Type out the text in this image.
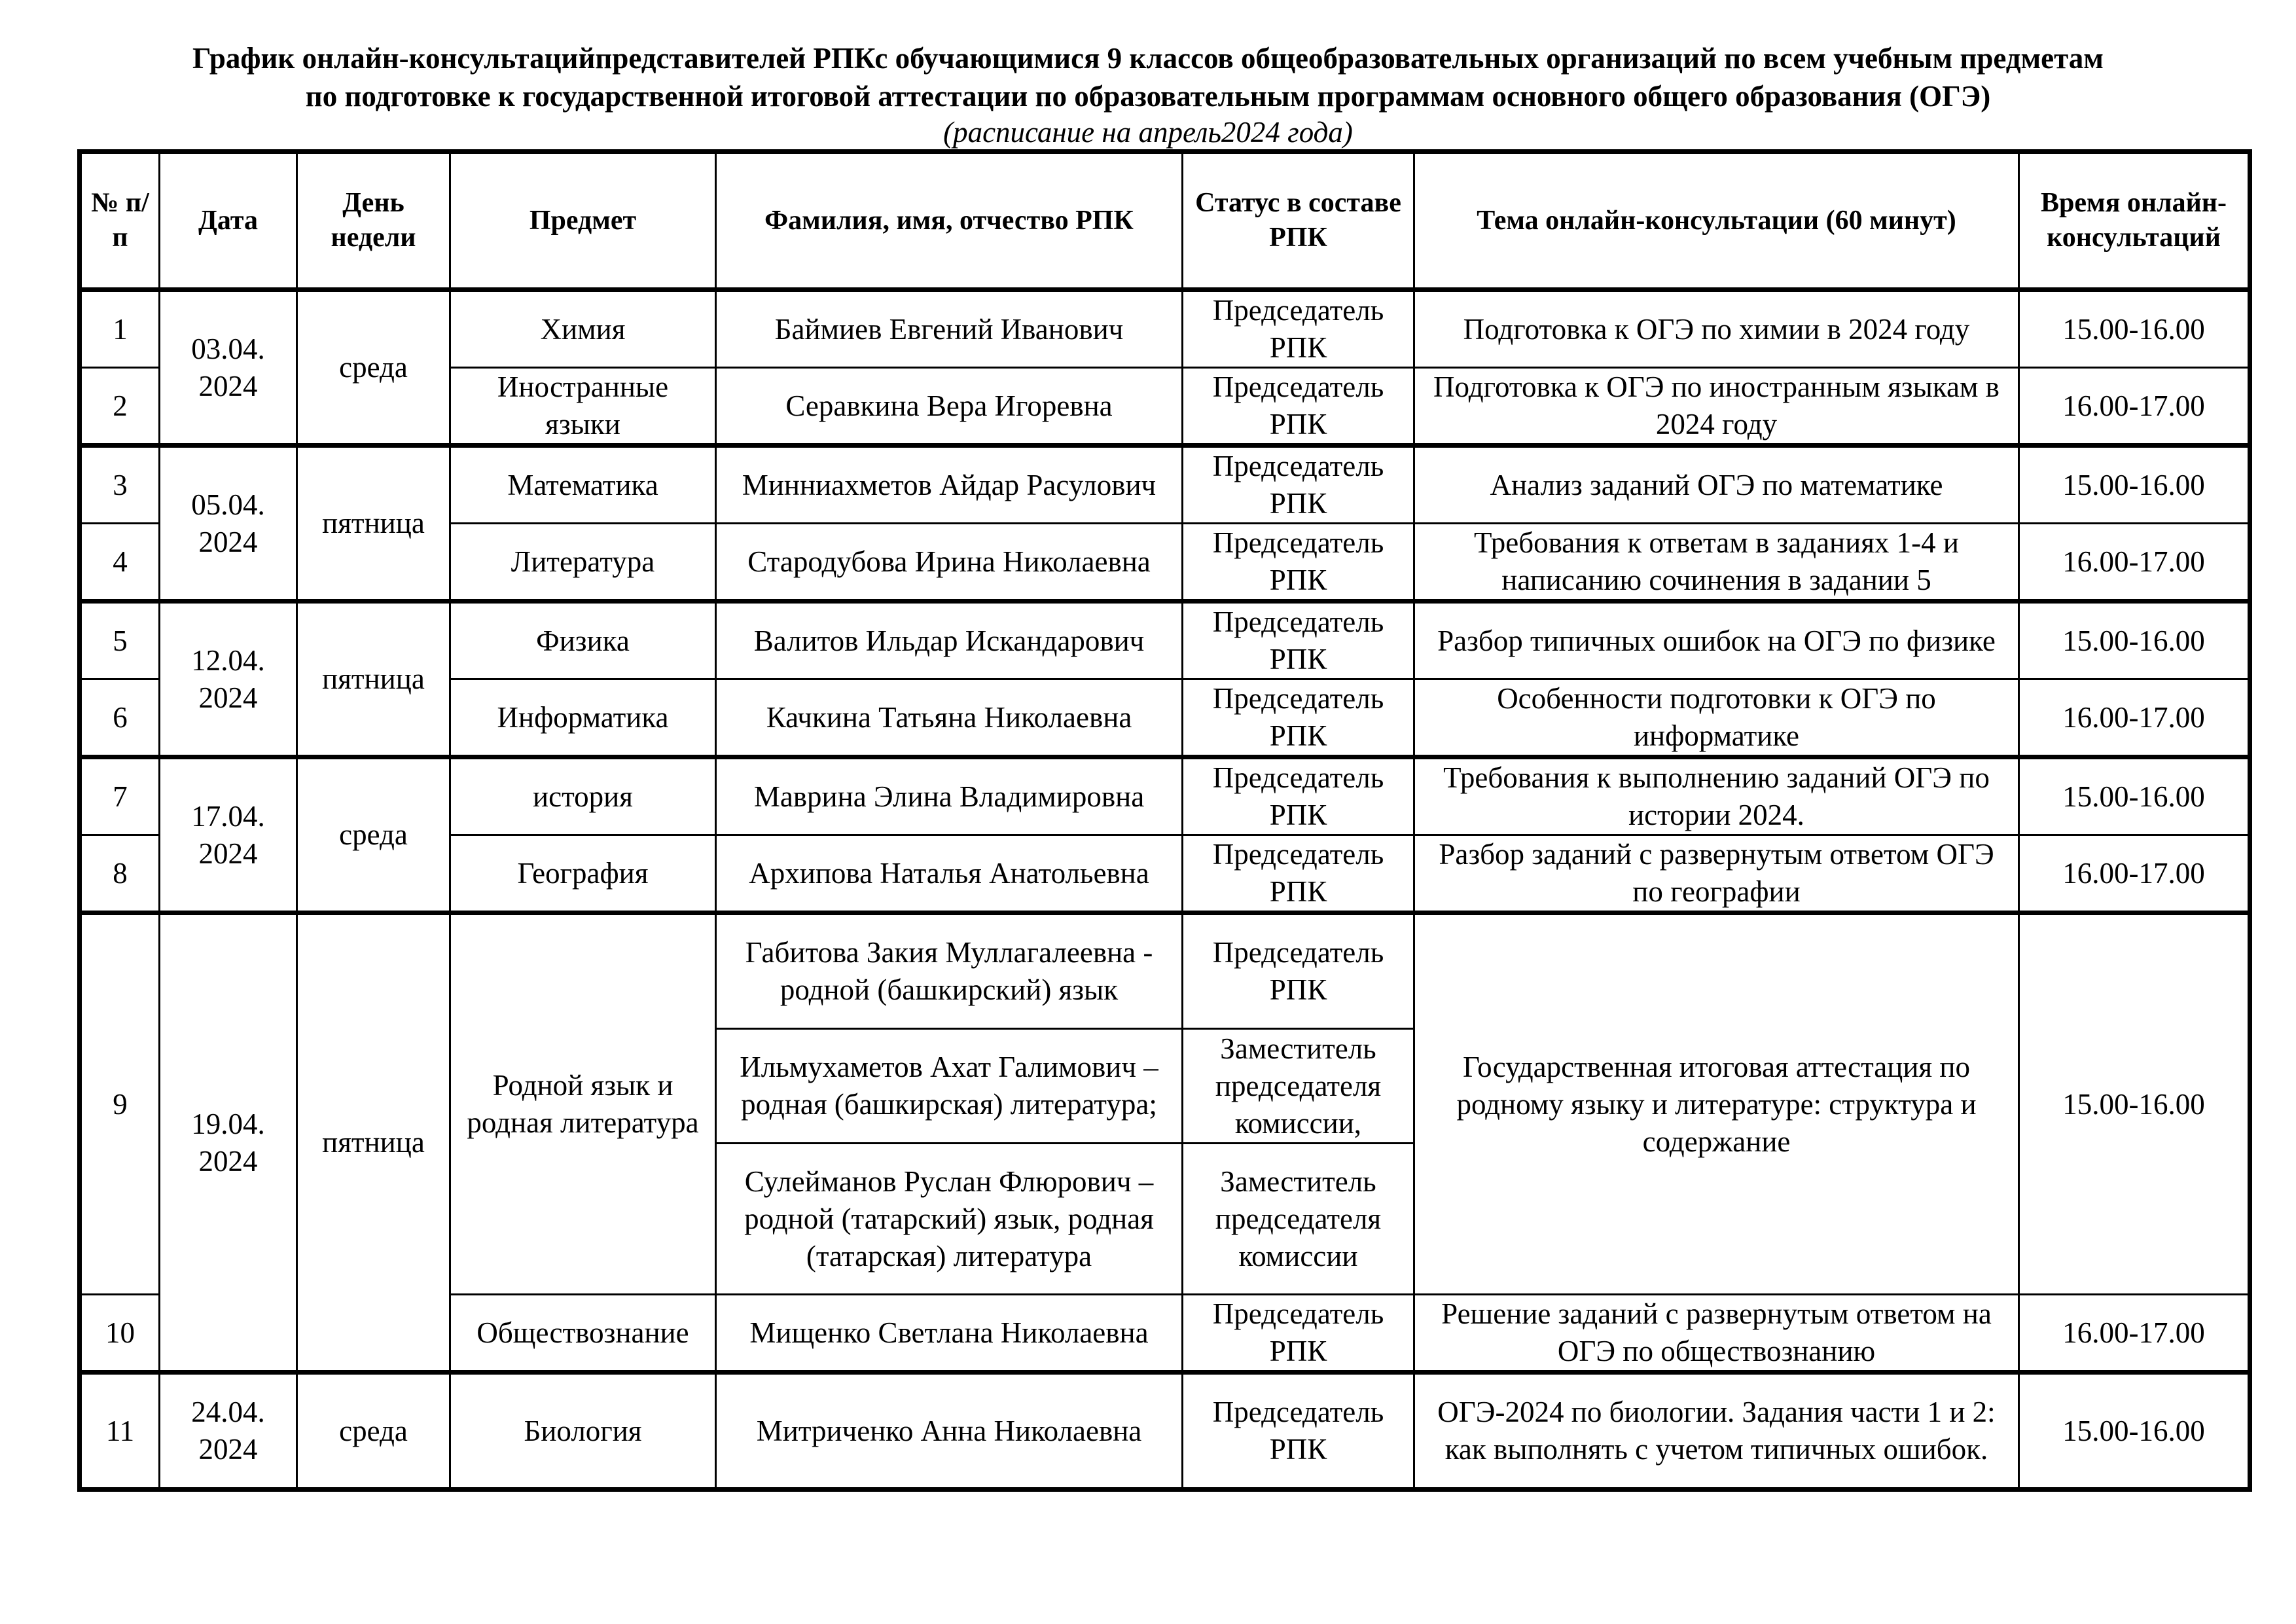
График онлайн-консультацийпредставителей РПКс обучающимися 9 классов общеобразовательных организаций по всем учебным предметам
по подготовке к государственной итоговой аттестации по образовательным программам основного общего образования (ОГЭ)
(расписание на апрель2024 года)
№ п/п	Дата	День недели	Предмет	Фамилия, имя, отчество РПК	Статус в составе РПК	Тема онлайн-консультации (60 минут)	Время онлайн-консультаций
1	03.04. 2024	среда	Химия	Баймиев Евгений Иванович	Председатель РПК	Подготовка к ОГЭ по химии в 2024 году	15.00-16.00
2			Иностранные языки	Серавкина Вера Игоревна	Председатель РПК	Подготовка к ОГЭ по иностранным языкам в 2024 году	16.00-17.00
3	05.04. 2024	пятница	Математика	Минниахметов Айдар Расулович	Председатель РПК	Анализ заданий ОГЭ по математике	15.00-16.00
4			Литература	Стародубова Ирина Николаевна	Председатель РПК	Требования к ответам в заданиях 1-4 и написанию сочинения в задании 5	16.00-17.00
5	12.04. 2024	пятница	Физика	Валитов Ильдар Искандарович	Председатель РПК	Разбор типичных ошибок на ОГЭ по физике	15.00-16.00
6			Информатика	Качкина Татьяна Николаевна	Председатель РПК	Особенности подготовки к ОГЭ по информатике	16.00-17.00
7	17.04. 2024	среда	история	Маврина Элина Владимировна	Председатель РПК	Требования к выполнению заданий ОГЭ по истории 2024.	15.00-16.00
8			География	Архипова Наталья Анатольевна	Председатель РПК	Разбор заданий с развернутым ответом ОГЭ по географии	16.00-17.00
9	19.04. 2024	пятница	Родной язык и родная литература	Габитова Закия Муллагалеевна - родной (башкирский) язык	Председатель РПК	Государственная итоговая аттестация по родному языку и литературе: структура и содержание	15.00-16.00
				Ильмухаметов Ахат Галимович – родная (башкирская) литература;	Заместитель председателя комиссии,		
				Сулейманов Руслан Флюрович – родной (татарский) язык, родная (татарская) литература	Заместитель председателя комиссии		
10			Обществознание	Мищенко Светлана Николаевна	Председатель РПК	Решение заданий с развернутым ответом на ОГЭ по обществознанию	16.00-17.00
11	24.04. 2024	среда	Биология	Митриченко Анна Николаевна	Председатель РПК	ОГЭ-2024 по биологии. Задания части 1 и 2: как выполнять с учетом типичных ошибок.	15.00-16.00
